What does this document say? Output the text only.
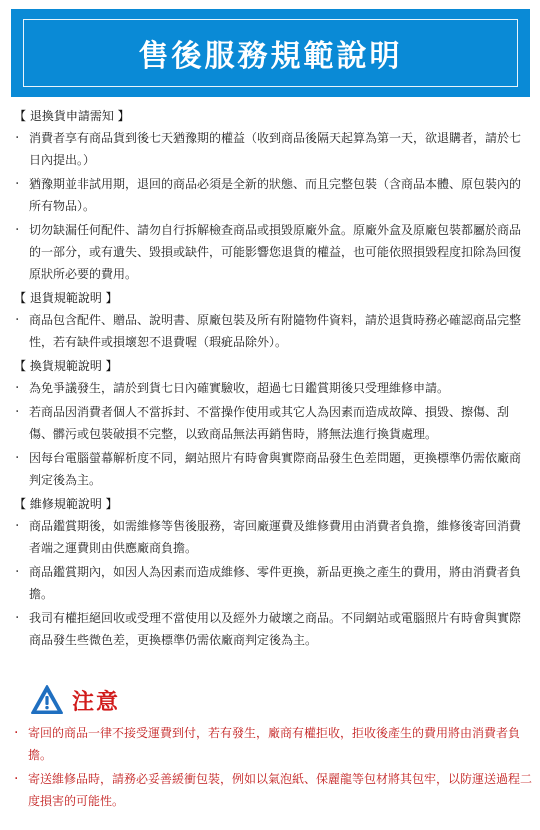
售後服務規範說明
【 退換貨申請需知 】
· 消費者享有商品貨到後七天猶豫期的權益（收到商品後隔天起算為第一天，欲退購者，請於七日內提出。）
· 猶豫期並非試用期，退回的商品必須是全新的狀態、而且完整包裝（含商品本體、原包裝內的所有物品）。
· 切勿缺漏任何配件、請勿自行拆解檢查商品或損毀原廠外盒。原廠外盒及原廠包裝都屬於商品的一部分，或有遺失、毀損或缺件，可能影響您退貨的權益，也可能依照損毀程度扣除為回復原狀所必要的費用。
【 退貨規範說明 】
· 商品包含配件、贈品、說明書、原廠包裝及所有附隨物件資料，請於退貨時務必確認商品完整性，若有缺件或損壞恕不退費喔（瑕疵品除外）。
【 換貨規範說明 】
· 為免爭議發生，請於到貨七日內確實驗收，超過七日鑑賞期後只受理維修申請。
· 若商品因消費者個人不當拆封、不當操作使用或其它人為因素而造成故障、損毀、擦傷、刮傷、髒污或包裝破損不完整，以致商品無法再銷售時，將無法進行換貨處理。
· 因每台電腦螢幕解析度不同，網站照片有時會與實際商品發生色差問題，更換標準仍需依廠商判定後為主。
【 維修規範說明 】
· 商品鑑賞期後，如需維修等售後服務，寄回廠運費及維修費用由消費者負擔，維修後寄回消費者端之運費則由供應廠商負擔。
· 商品鑑賞期內，如因人為因素而造成維修、零件更換，新品更換之產生的費用，將由消費者負擔。
· 我司有權拒絕回收或受理不當使用以及經外力破壞之商品。不同網站或電腦照片有時會與實際商品發生些微色差，更換標準仍需依廠商判定後為主。
注意
· 寄回的商品一律不接受運費到付，若有發生，廠商有權拒收，拒收後產生的費用將由消費者負擔。
· 寄送維修品時，請務必妥善緩衝包裝，例如以氣泡紙、保麗龍等包材將其包牢，以防運送過程二度損害的可能性。
